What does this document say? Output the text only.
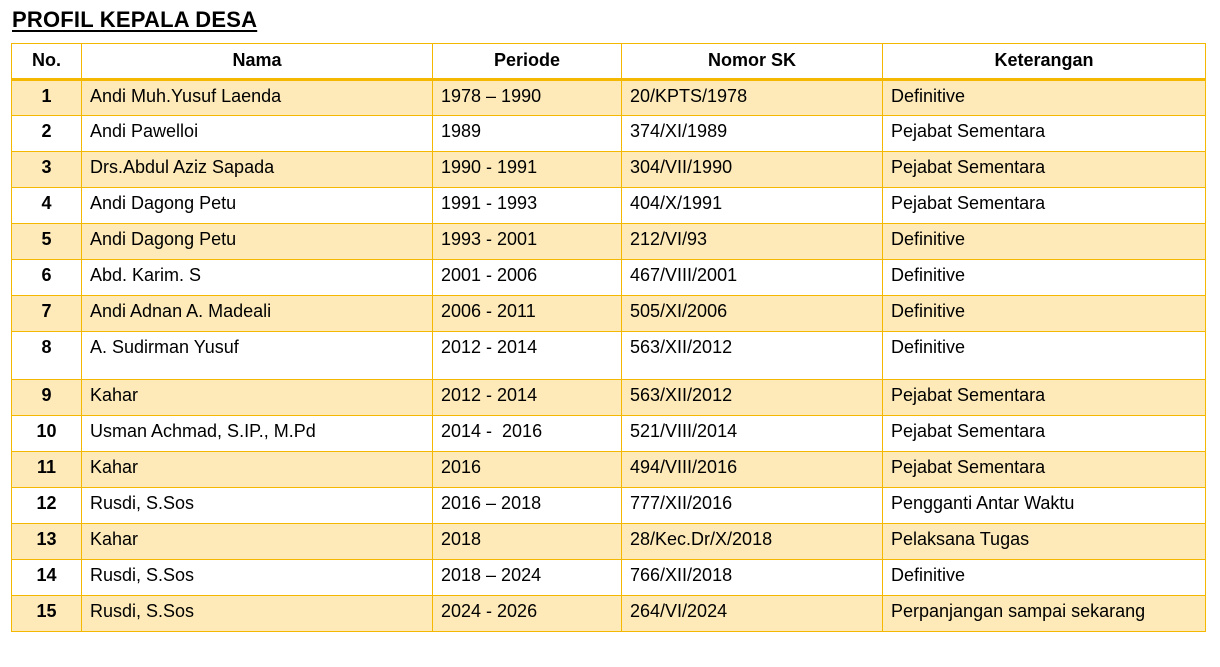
PROFIL KEPALA DESA
No.	Nama	Periode	Nomor SK	Keterangan
1	Andi Muh.Yusuf Laenda	1978 – 1990	20/KPTS/1978	Definitive
2	Andi Pawelloi	1989	374/XI/1989	Pejabat Sementara
3	Drs.Abdul Aziz Sapada	1990 - 1991	304/VII/1990	Pejabat Sementara
4	Andi Dagong Petu	1991 - 1993	404/X/1991	Pejabat Sementara
5	Andi Dagong Petu	1993 - 2001	212/VI/93	Definitive
6	Abd. Karim. S	2001 - 2006	467/VIII/2001	Definitive
7	Andi Adnan A. Madeali	2006 - 2011	505/XI/2006	Definitive
8	A. Sudirman Yusuf	2012 - 2014	563/XII/2012	Definitive
9	Kahar	2012 - 2014	563/XII/2012	Pejabat Sementara
10	Usman Achmad, S.IP., M.Pd	2014 -  2016	521/VIII/2014	Pejabat Sementara
11	Kahar	2016	494/VIII/2016	Pejabat Sementara
12	Rusdi, S.Sos	2016 – 2018	777/XII/2016	Pengganti Antar Waktu
13	Kahar	2018	28/Kec.Dr/X/2018	Pelaksana Tugas
14	Rusdi, S.Sos	2018 – 2024	766/XII/2018	Definitive
15	Rusdi, S.Sos	2024 - 2026	264/VI/2024	Perpanjangan sampai sekarang
